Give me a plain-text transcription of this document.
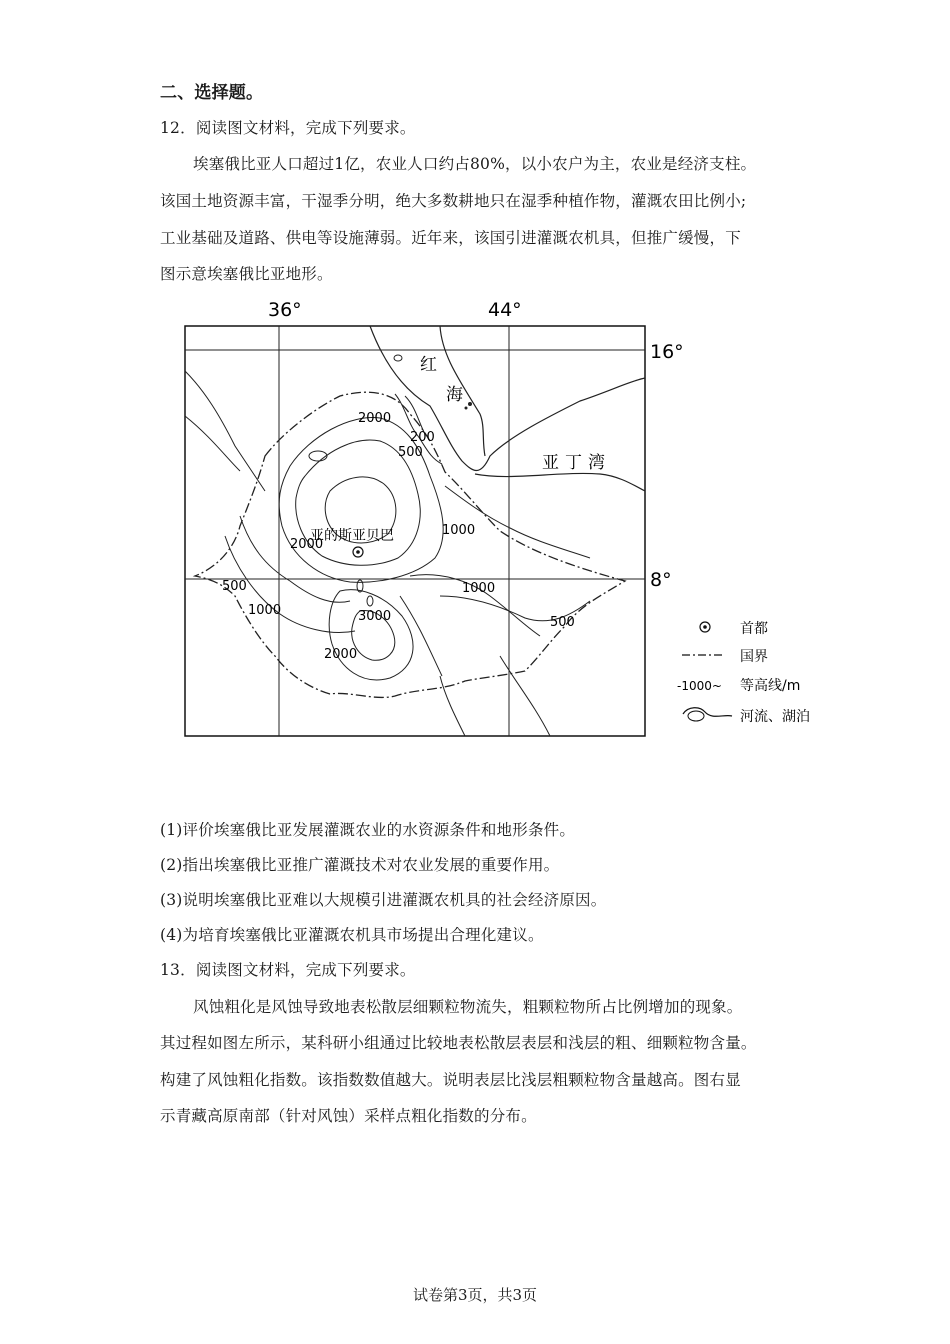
二、选择题。
12．阅读图文材料，完成下列要求。
埃塞俄比亚人口超过1亿，农业人口约占80%，以小农户为主，农业是经济支柱。
该国土地资源丰富，干湿季分明，绝大多数耕地只在湿季种植作物，灌溉农田比例小;
工业基础及道路、供电等设施薄弱。近年来，该国引进灌溉农机具，但推广缓慢，下
图示意埃塞俄比亚地形。
36°	44°
16°
8°
红
海
亚丁湾
亚的斯亚贝巴
2000
200
500
1000
2000
500
1000	3000
1000
2000
500	首都
国界
-1000~ 等高线/m
河流、湖泊
(1)评价埃塞俄比亚发展灌溉农业的水资源条件和地形条件。
(2)指出埃塞俄比亚推广灌溉技术对农业发展的重要作用。
(3)说明埃塞俄比亚难以大规模引进灌溉农机具的社会经济原因。
(4)为培育埃塞俄比亚灌溉农机具市场提出合理化建议。
13．阅读图文材料，完成下列要求。
风蚀粗化是风蚀导致地表松散层细颗粒物流失，粗颗粒物所占比例增加的现象。
其过程如图左所示，某科研小组通过比较地表松散层表层和浅层的粗、细颗粒物含量。
构建了风蚀粗化指数。该指数数值越大。说明表层比浅层粗颗粒物含量越高。图右显
示青藏高原南部（针对风蚀）采样点粗化指数的分布。
试卷第3页，共3页
